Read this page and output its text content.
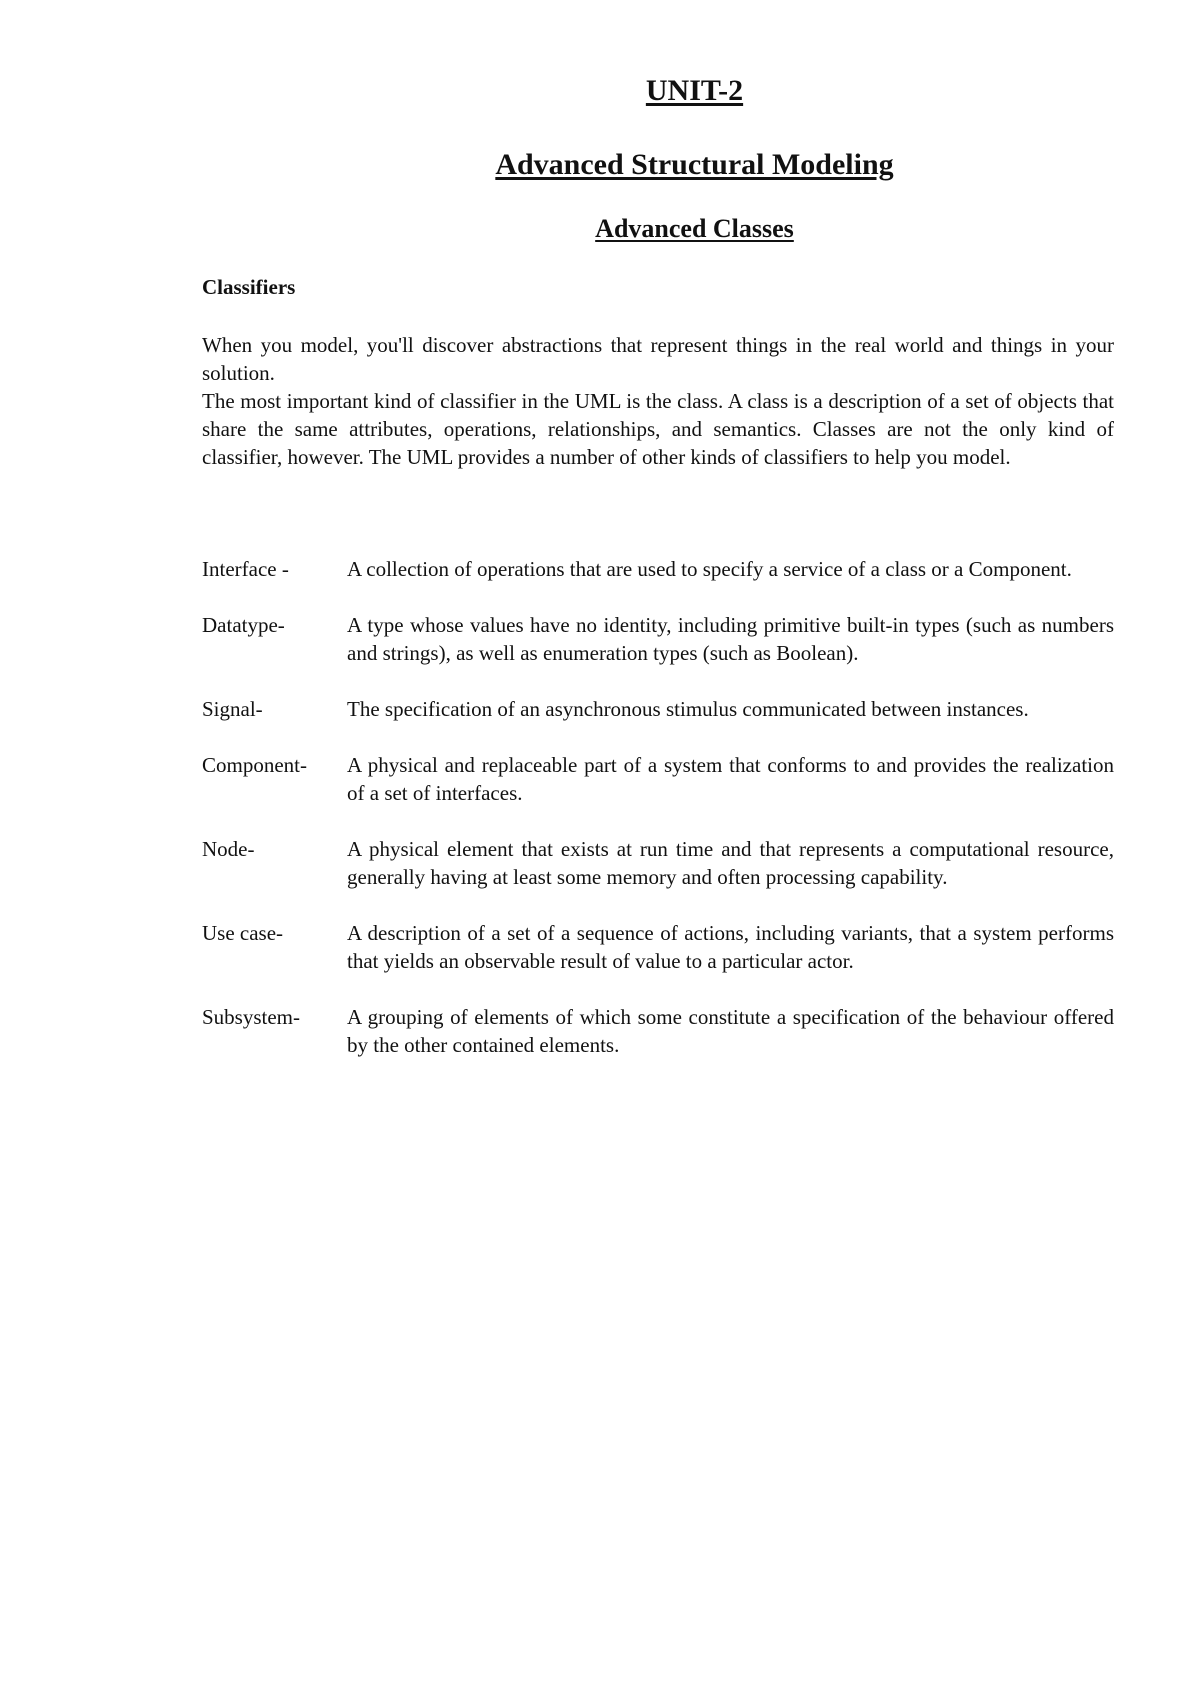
UNIT-2
Advanced Structural Modeling
Advanced Classes
Classifiers

When you model, you'll discover abstractions that represent things in the real world and things in your solution.

The most important kind of classifier in the UML is the class. A class is a description of a set of objects that share the same attributes, operations, relationships, and semantics. Classes are not the only kind of classifier, however. The UML provides a number of other kinds of classifiers to help you model.

Interface -	A collection of operations that are used to specify a service of a class or a Component.
Datatype-	A type whose values have no identity, including primitive built-in types (such as numbers and strings), as well as enumeration types (such as Boolean).
Signal-	The specification of an asynchronous stimulus communicated between instances.
Component-	A physical and replaceable part of a system that conforms to and provides the realization of a set of interfaces.
Node-	A physical element that exists at run time and that represents a computational resource, generally having at least some memory and often processing capability.
Use case-	A description of a set of a sequence of actions, including variants, that a system performs that yields an observable result of value to a particular actor.
Subsystem-	A grouping of elements of which some constitute a specification of the behaviour offered by the other contained elements.
